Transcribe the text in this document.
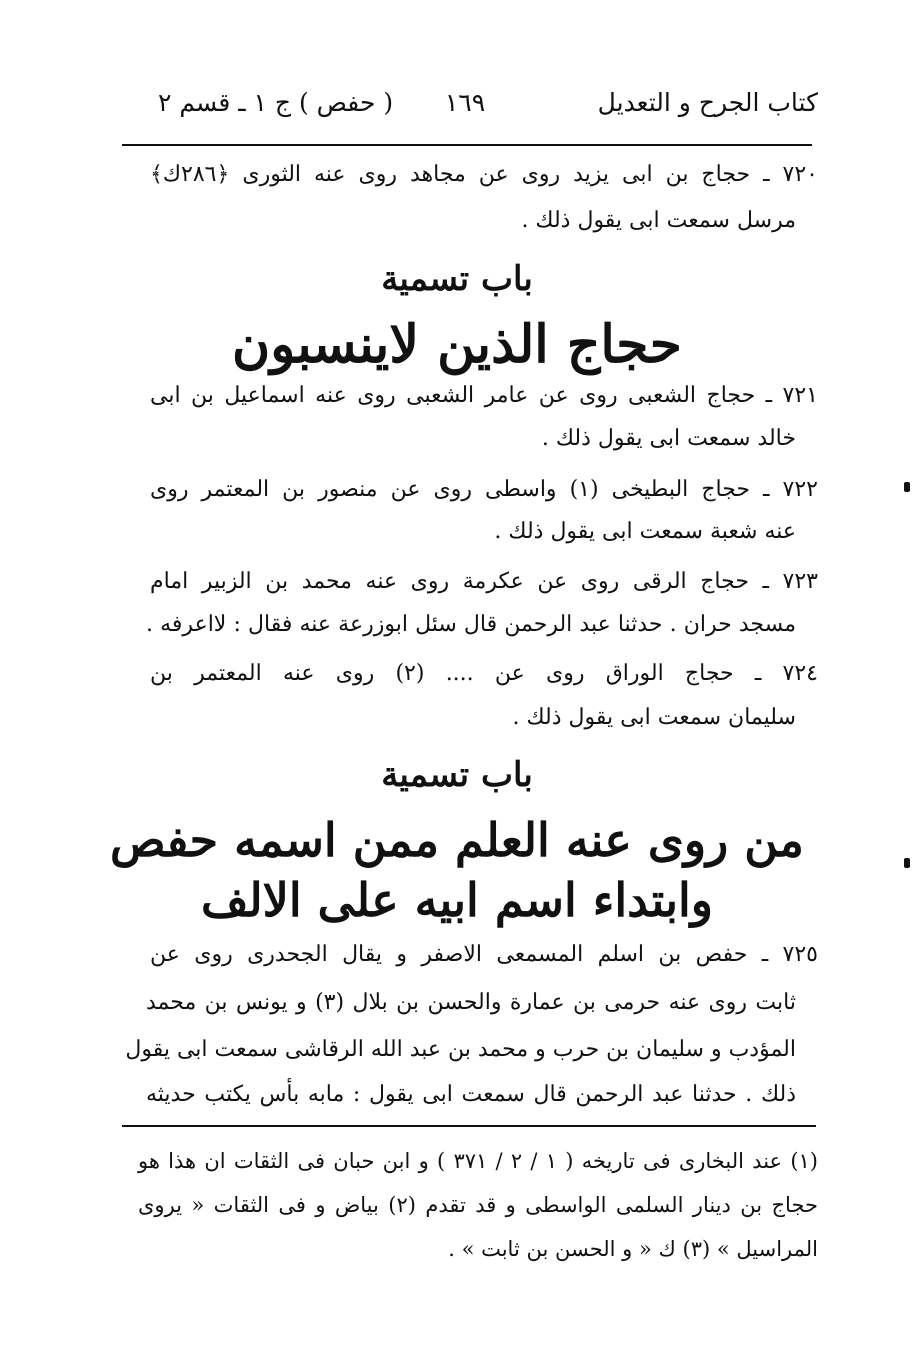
كتاب الجرح و التعديل
١٦٩
( حفص ) ج ١ ـ قسم ٢
٧٢٠ ـ حجاج بن ابى يزيد روى عن مجاهد روى عنه الثورى ﴿٢٨٦ك﴾
مرسل سمعت ابى يقول ذلك .
باب تسمية
حجاج الذين لاينسبون
٧٢١ ـ حجاج الشعبى روى عن عامر الشعبى روى عنه اسماعيل بن ابى
خالد سمعت ابى يقول ذلك .
٧٢٢ ـ حجاج البطيخى (١) واسطى روى عن منصور بن المعتمر روى
عنه شعبة سمعت ابى يقول ذلك .
٧٢٣ ـ حجاج الرقى روى عن عكرمة روى عنه محمد بن الزبير امام
مسجد حران . حدثنا عبد الرحمن قال سئل ابوزرعة عنه فقال : لااعرفه .
٧٢٤ ـ حجاج الوراق روى عن .... (٢) روى عنه المعتمر بن
سليمان سمعت ابى يقول ذلك .
باب تسمية
من روى عنه العلم ممن اسمه حفص
وابتداء اسم ابيه على الالف
٧٢٥ ـ حفص بن اسلم المسمعى الاصفر و يقال الجحدرى روى عن
ثابت روى عنه حرمى بن عمارة والحسن بن بلال (٣) و يونس بن محمد
المؤدب و سليمان بن حرب و محمد بن عبد الله الرقاشى سمعت ابى يقول
ذلك . حدثنا عبد الرحمن قال سمعت ابى يقول : مابه بأس يكتب حديثه
(١) عند البخارى فى تاريخه ( ١ / ٢ / ٣٧١ ) و ابن حبان فى الثقات ان هذا هو
حجاج بن دينار السلمى الواسطى و قد تقدم (٢) بياض و فى الثقات « يروى
المراسيل » (٣) ك « و الحسن بن ثابت » .
